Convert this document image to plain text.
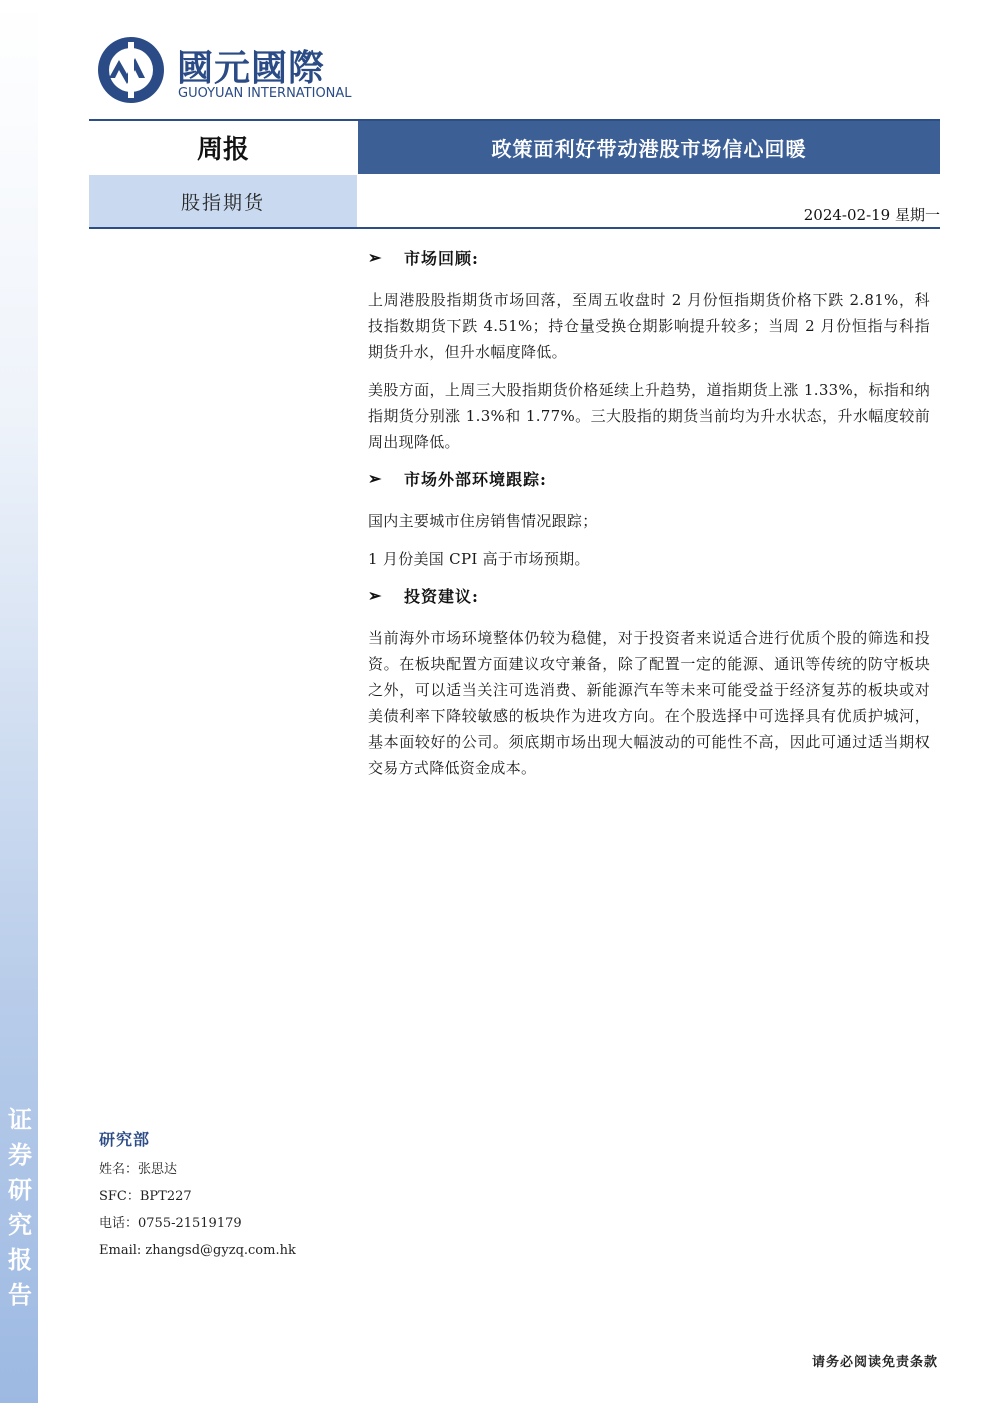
证
券
研
究
报
告
國元國際
GUOYUAN INTERNATIONAL
周报	政策面利好带动港股市场信心回暖
股指期货
2024-02-19 星期一
➢	市场回顾:

上周港股股指期货市场回落，至周五收盘时 2 月份恒指期货价格下跌 2.81%，科技指数期货下跌 4.51%；持仓量受换仓期影响提升较多；当周 2 月份恒指与科指期货升水，但升水幅度降低。

美股方面，上周三大股指期货价格延续上升趋势，道指期货上涨 1.33%，标指和纳指期货分别涨 1.3%和 1.77%。三大股指的期货当前均为升水状态，升水幅度较前周出现降低。

➢	市场外部环境跟踪:

国内主要城市住房销售情况跟踪；

1 月份美国 CPI 高于市场预期。

➢	投资建议:

当前海外市场环境整体仍较为稳健，对于投资者来说适合进行优质个股的筛选和投资。在板块配置方面建议攻守兼备，除了配置一定的能源、通讯等传统的防守板块之外，可以适当关注可选消费、新能源汽车等未来可能受益于经济复苏的板块或对美债利率下降较敏感的板块作为进攻方向。在个股选择中可选择具有优质护城河，基本面较好的公司。须底期市场出现大幅波动的可能性不高，因此可通过适当期权交易方式降低资金成本。

研究部
姓名：张思达
SFC：BPT227
电话：0755-21519179
Email: zhangsd@gyzq.com.hk
请务必阅读免责条款
